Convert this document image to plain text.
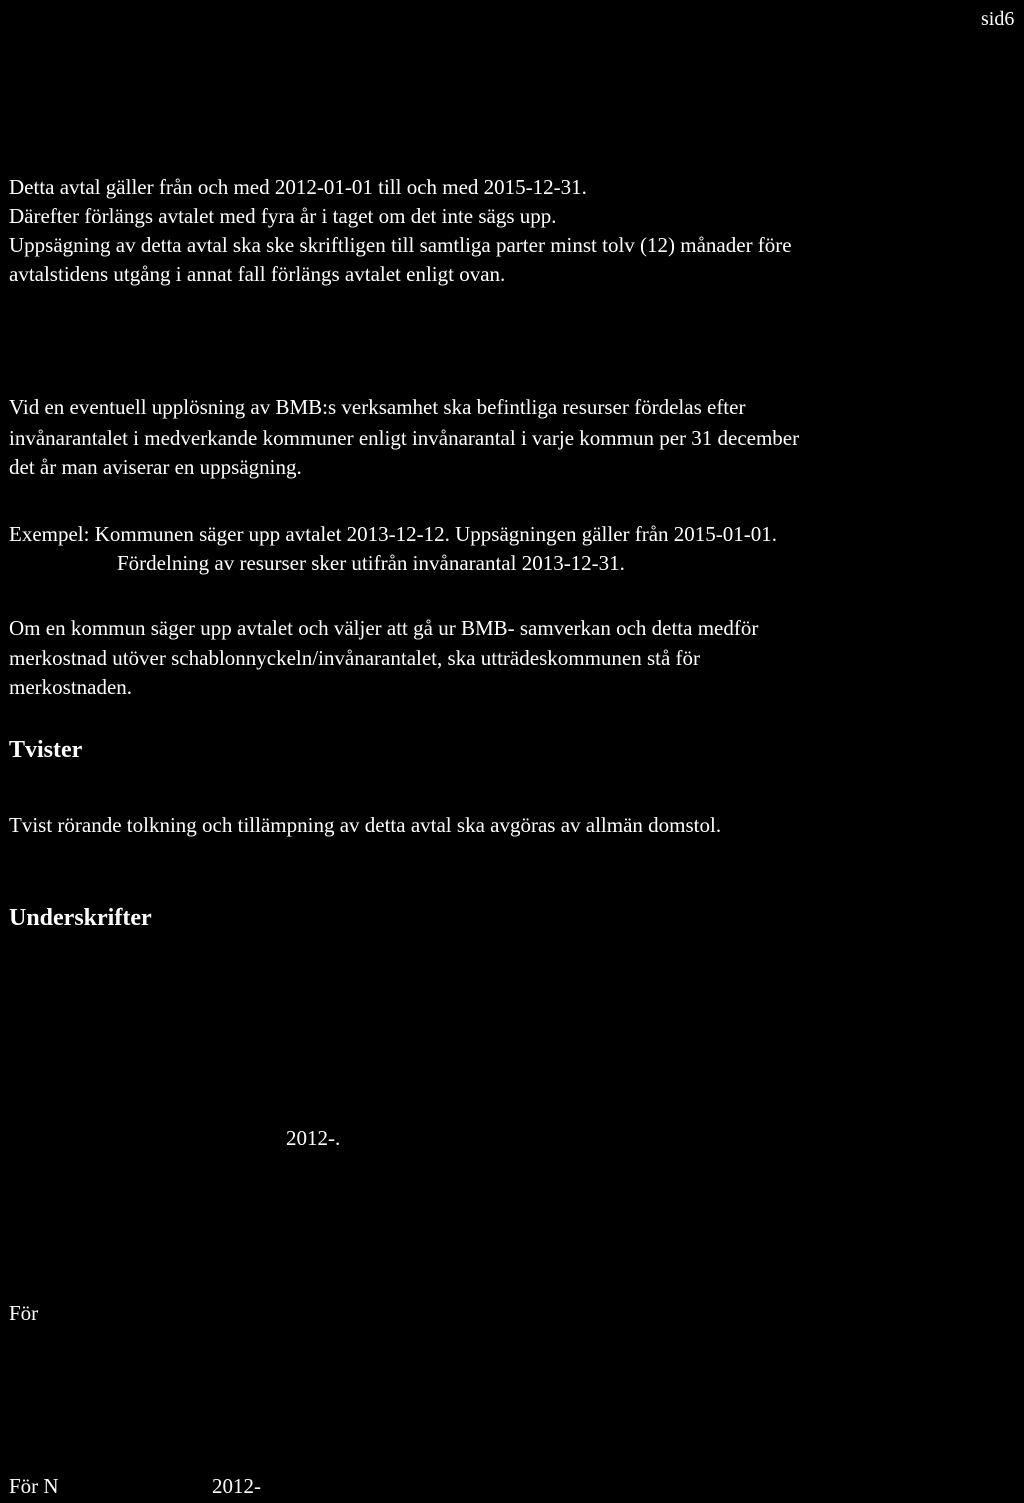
sid6
Detta avtal gäller från och med 2012-01-01 till och med 2015-12-31.
Därefter förlängs avtalet med fyra år i taget om det inte sägs upp.
Uppsägning av detta avtal ska ske skriftligen till samtliga parter minst tolv (12) månader före
avtalstidens utgång i annat fall förlängs avtalet enligt ovan.
Vid en eventuell upplösning av BMB:s verksamhet ska befintliga resurser fördelas efter
invånarantalet i medverkande kommuner enligt invånarantal i varje kommun per 31 december
det år man aviserar en uppsägning.
Exempel: Kommunen säger upp avtalet 2013-12-12. Uppsägningen gäller från 2015-01-01.
Fördelning av resurser sker utifrån invånarantal 2013-12-31.
Om en kommun säger upp avtalet och väljer att gå ur BMB- samverkan och detta medför
merkostnad utöver schablonnyckeln/invånarantalet, ska utträdeskommunen stå för
merkostnaden.
Tvister
Tvist rörande tolkning och tillämpning av detta avtal ska avgöras av allmän domstol.
Underskrifter
2012-.
För
För N	2012-
